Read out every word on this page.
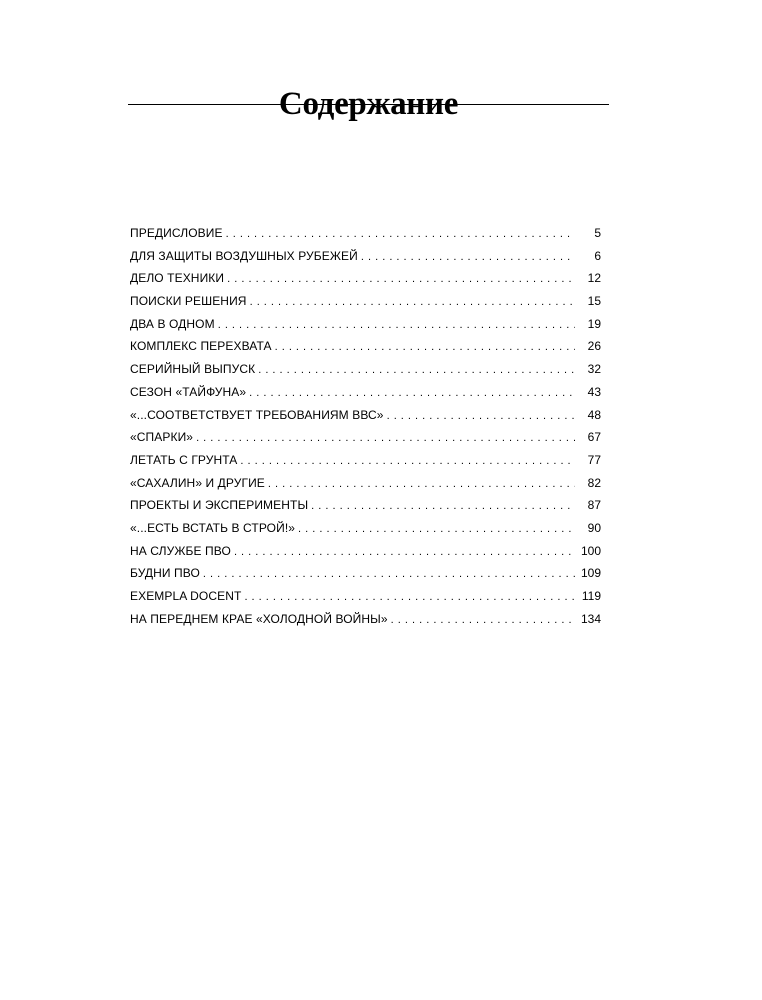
Содержание
ПРЕДИСЛОВИЕ . . .	5
ДЛЯ ЗАЩИТЫ ВОЗДУШНЫХ РУБЕЖЕЙ . . .	6
ДЕЛО ТЕХНИКИ . . .	12
ПОИСКИ РЕШЕНИЯ . . .	15
ДВА В ОДНОМ . . .	19
КОМПЛЕКС ПЕРЕХВАТА . . .	26
СЕРИЙНЫЙ ВЫПУСК . . .	32
СЕЗОН «ТАЙФУНА» . . .	43
«...СООТВЕТСТВУЕТ ТРЕБОВАНИЯМ ВВС» . . .	48
«СПАРКИ» . . .	67
ЛЕТАТЬ С ГРУНТА . . .	77
«САХАЛИН» И ДРУГИЕ . . .	82
ПРОЕКТЫ И ЭКСПЕРИМЕНТЫ . . .	87
«...ЕСТЬ ВСТАТЬ В СТРОЙ!» . . .	90
НА СЛУЖБЕ ПВО . . .	100
БУДНИ ПВО . . .	109
EXEMPLA DOCENT . . .	119
НА ПЕРЕДНЕМ КРАЕ «ХОЛОДНОЙ ВОЙНЫ» . . .	134
